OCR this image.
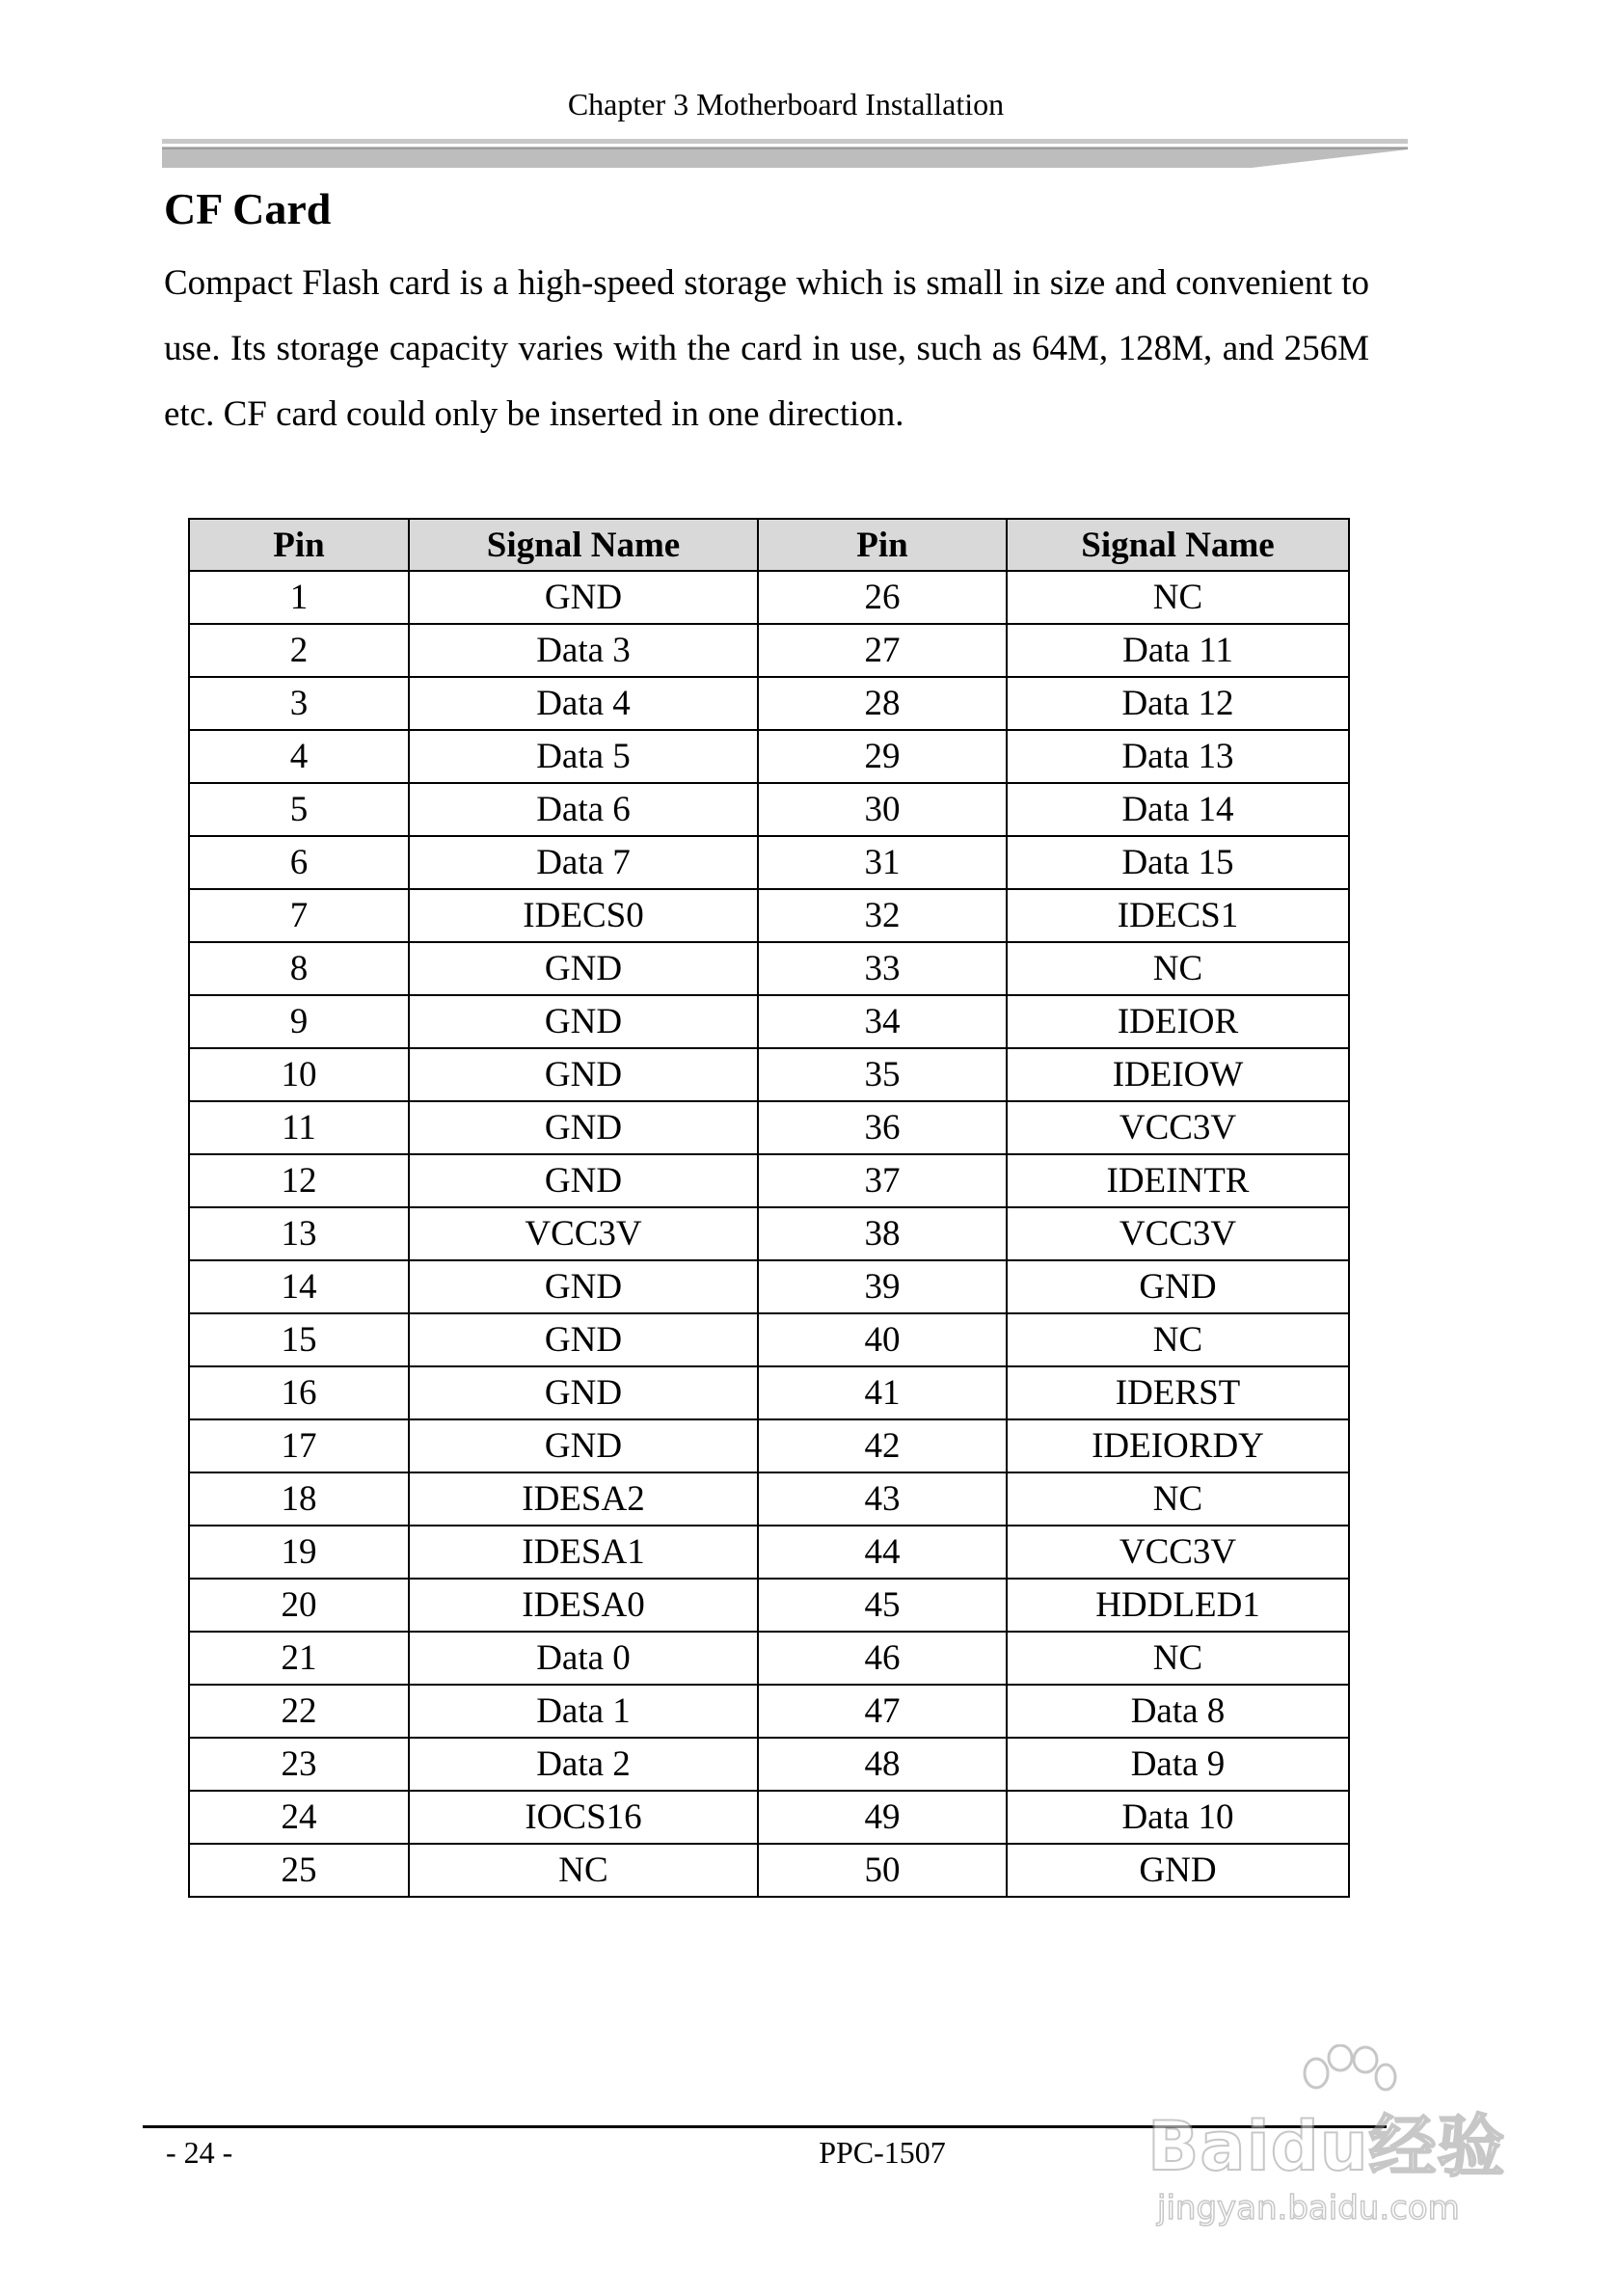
Chapter 3 Motherboard Installation
CF Card

Compact Flash card is a high-speed storage which is small in size and convenient to use. Its storage capacity varies with the card in use, such as 64M, 128M, and 256M etc. CF card could only be inserted in one direction.

Pin	Signal Name	Pin	Signal Name
1	GND	26	NC
2	Data 3	27	Data 11
3	Data 4	28	Data 12
4	Data 5	29	Data 13
5	Data 6	30	Data 14
6	Data 7	31	Data 15
7	IDECS0	32	IDECS1
8	GND	33	NC
9	GND	34	IDEIOR
10	GND	35	IDEIOW
11	GND	36	VCC3V
12	GND	37	IDEINTR
13	VCC3V	38	VCC3V
14	GND	39	GND
15	GND	40	NC
16	GND	41	IDERST
17	GND	42	IDEIORDY
18	IDESA2	43	NC
19	IDESA1	44	VCC3V
20	IDESA0	45	HDDLED1
21	Data 0	46	NC
22	Data 1	47	Data 8
23	Data 2	48	Data 9
24	IOCS16	49	Data 10
25	NC	50	GND
- 24 -	PPC-1507	Baidu经验
jingyan.baidu.com
